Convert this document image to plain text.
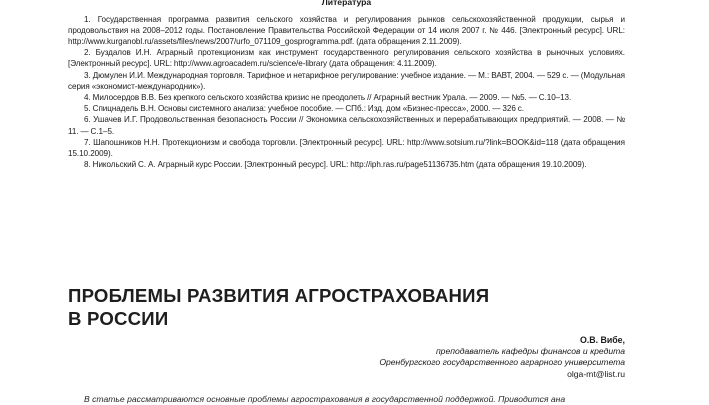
Литература

1. Государственная программа развития сельского хозяйства и регулирования рынков сельскохозяйственной продукции, сырья и продовольствия на 2008–2012 годы. Постановление Правительства Российской Федерации от 14 июля 2007 г. № 446. [Электронный ресурс]. URL: http://www.kurganobl.ru/assets/files/news/2007/urfo_071109_gosprogramma.pdf. (дата обращения 2.11.2009).

2. Буздалов И.Н. Аграрный протекционизм как инструмент государственного регулирования сельского хозяйства в рыночных условиях. [Электронный ресурс]. URL: http://www.agroacadem.ru/science/e-library (дата обращения: 4.11.2009).

3. Дюмулен И.И. Международная торговля. Тарифное и нетарифное регулирование: учебное издание. — М.: ВАВТ, 2004. — 529 с. — (Модульная серия «экономист-международник»).

4. Милосердов В.В. Без крепкого сельского хозяйства кризис не преодолеть // Аграрный вестник Урала. — 2009. — №5. — С.10–13.

5. Спицнадель В.Н. Основы системного анализа: учебное пособие. — СПб.: Изд. дом «Бизнес-пресса», 2000. — 326 с.

6. Ушачев И.Г. Продовольственная безопасность России // Экономика сельскохозяйственных и перерабатывающих предприятий. — 2008. — № 11. — С.1–5.

7. Шапошников Н.Н. Протекционизм и свобода торговли. [Электронный ресурс]. URL: http://www.sotsium.ru/?link=BOOK&id=118 (дата обращения 15.10.2009).

8. Никольский С. А. Аграрный курс России. [Электронный ресурс]. URL: http://iph.ras.ru/page51136735.htm (дата обращения 19.10.2009).

ПРОБЛЕМЫ РАЗВИТИЯ АГРОСТРАХОВАНИЯ
В РОССИИ

О.В. Вибе,

преподаватель кафедры финансов и кредита

Оренбургского государственного аграрного университета

olga-mt@list.ru

В статье рассматриваются основные проблемы агрострахования в государственной поддержкой. Приводится ана
